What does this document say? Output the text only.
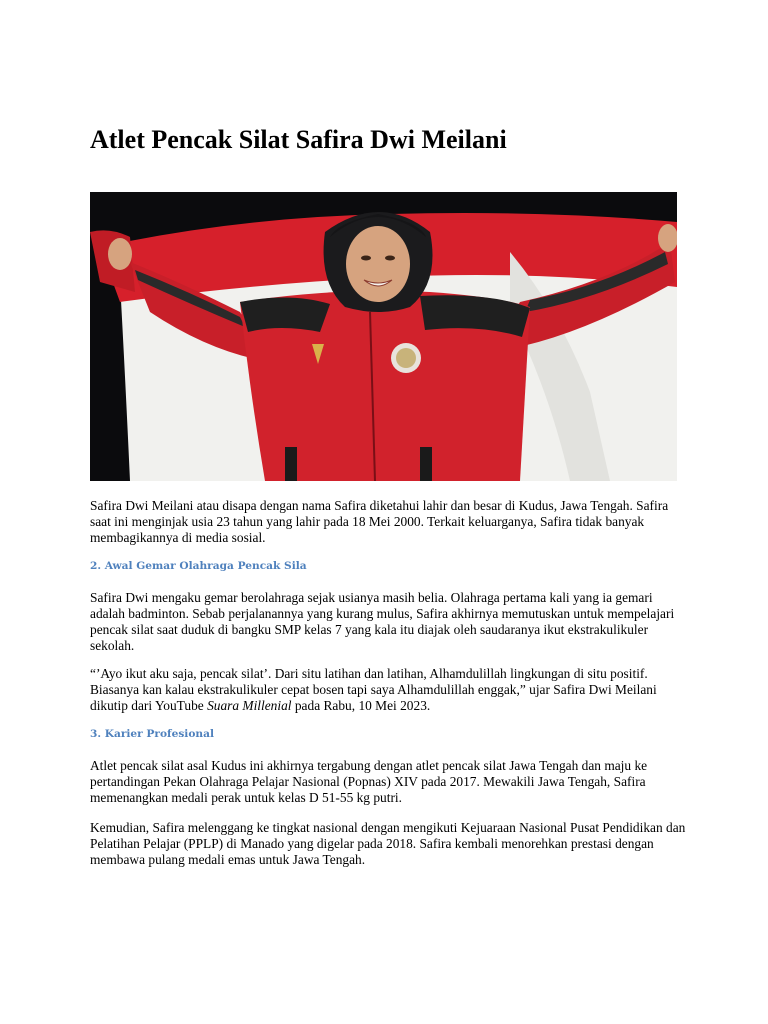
Atlet Pencak Silat Safira Dwi Meilani

Safira Dwi Meilani atau disapa dengan nama Safira diketahui lahir dan besar di Kudus, Jawa Tengah. Safira saat ini menginjak usia 23 tahun yang lahir pada 18 Mei 2000. Terkait keluarganya, Safira tidak banyak membagikannya di media sosial.

2. Awal Gemar Olahraga Pencak Sila

Safira Dwi mengaku gemar berolahraga sejak usianya masih belia. Olahraga pertama kali yang ia gemari adalah badminton. Sebab perjalanannya yang kurang mulus, Safira akhirnya memutuskan untuk mempelajari pencak silat saat duduk di bangku SMP kelas 7 yang kala itu diajak oleh saudaranya ikut ekstrakulikuler sekolah.

“’Ayo ikut aku saja, pencak silat’. Dari situ latihan dan latihan, Alhamdulillah lingkungan di situ positif. Biasanya kan kalau ekstrakulikuler cepat bosen tapi saya Alhamdulillah enggak,” ujar Safira Dwi Meilani dikutip dari YouTube Suara Millenial pada Rabu, 10 Mei 2023.

3. Karier Profesional

Atlet pencak silat asal Kudus ini akhirnya tergabung dengan atlet pencak silat Jawa Tengah dan maju ke pertandingan Pekan Olahraga Pelajar Nasional (Popnas) XIV pada 2017. Mewakili Jawa Tengah, Safira memenangkan medali perak untuk kelas D 51-55 kg putri.

Kemudian, Safira melenggang ke tingkat nasional dengan mengikuti Kejuaraan Nasional Pusat Pendidikan dan Pelatihan Pelajar (PPLP) di Manado yang digelar pada 2018. Safira kembali menorehkan prestasi dengan membawa pulang medali emas untuk Jawa Tengah.
